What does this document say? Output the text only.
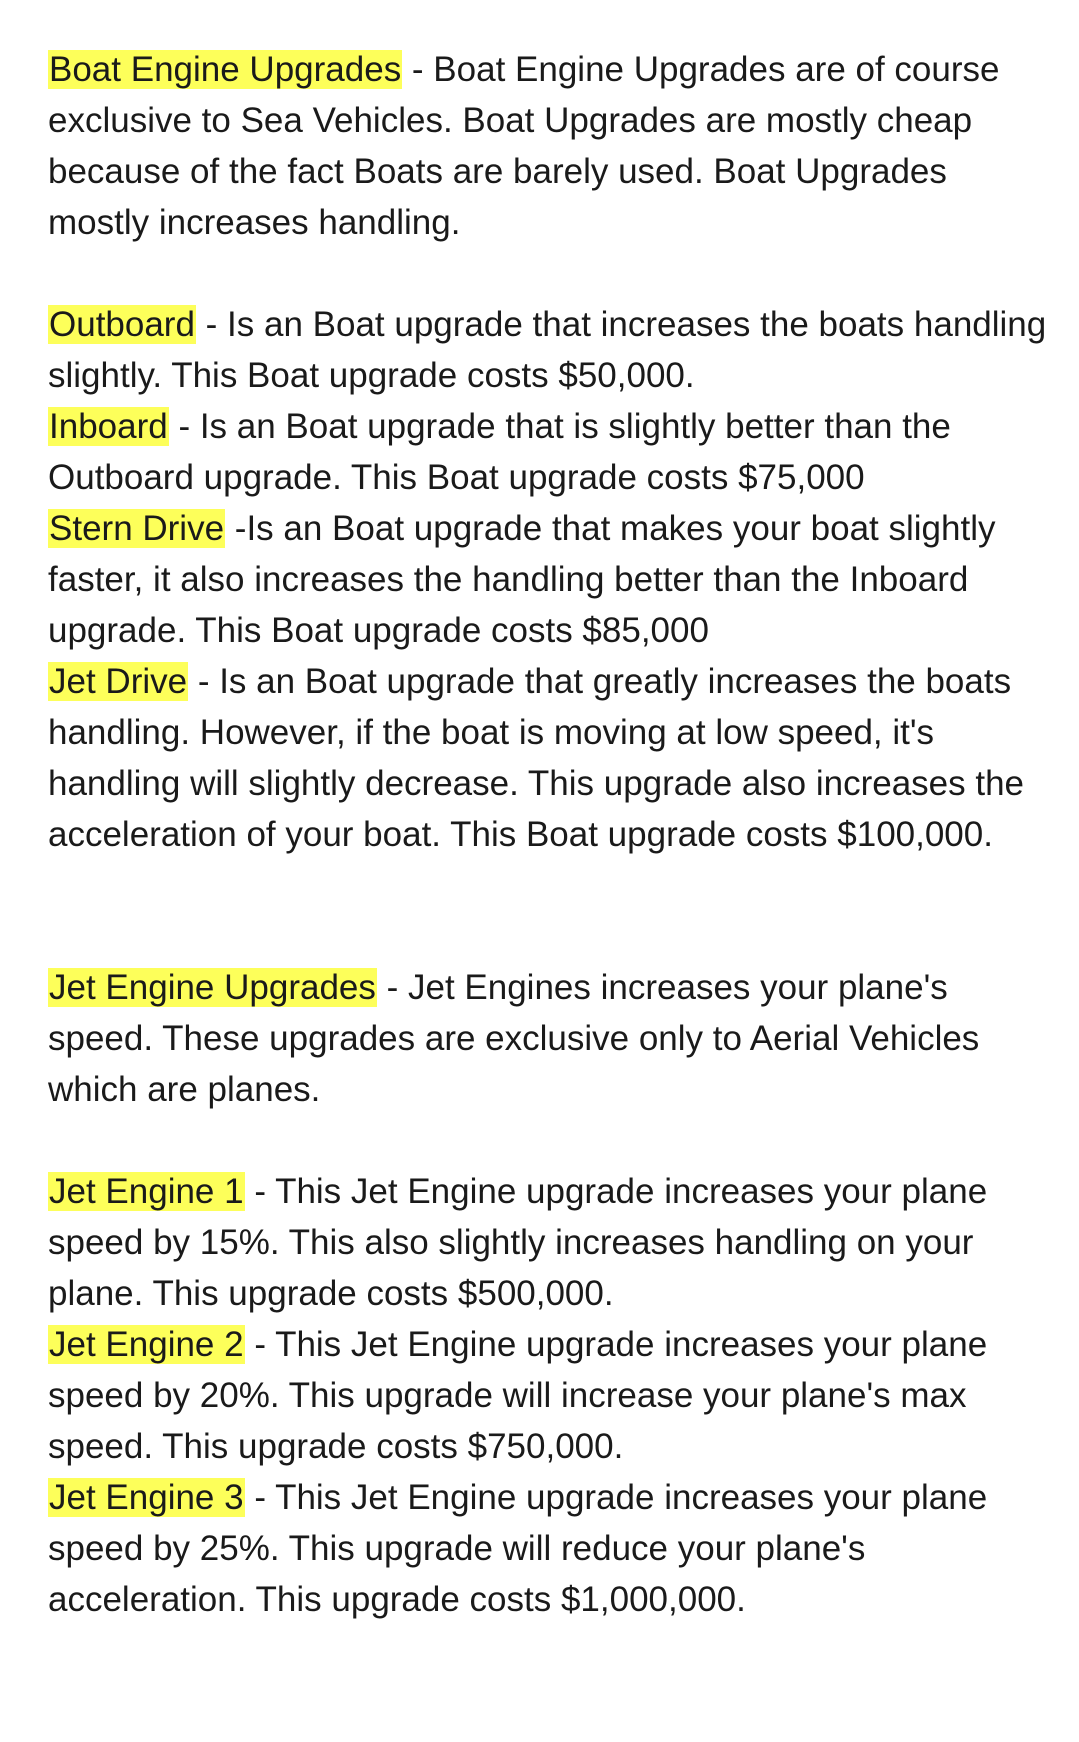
Boat Engine Upgrades - Boat Engine Upgrades are of course exclusive to Sea Vehicles. Boat Upgrades are mostly cheap because of the fact Boats are barely used. Boat Upgrades mostly increases handling.

Outboard - Is an Boat upgrade that increases the boats handling slightly. This Boat upgrade costs $50,000.

Inboard - Is an Boat upgrade that is slightly better than the Outboard upgrade. This Boat upgrade costs $75,000

Stern Drive -Is an Boat upgrade that makes your boat slightly faster, it also increases the handling better than the Inboard upgrade. This Boat upgrade costs $85,000

Jet Drive - Is an Boat upgrade that greatly increases the boats handling. However, if the boat is moving at low speed, it's handling will slightly decrease. This upgrade also increases the acceleration of your boat. This Boat upgrade costs $100,000.

Jet Engine Upgrades - Jet Engines increases your plane's speed. These upgrades are exclusive only to Aerial Vehicles which are planes.

Jet Engine 1 - This Jet Engine upgrade increases your plane speed by 15%. This also slightly increases handling on your plane. This upgrade costs $500,000.

Jet Engine 2 - This Jet Engine upgrade increases your plane speed by 20%. This upgrade will increase your plane's max speed. This upgrade costs $750,000.

Jet Engine 3 - This Jet Engine upgrade increases your plane speed by 25%. This upgrade will reduce your plane's acceleration. This upgrade costs $1,000,000.
